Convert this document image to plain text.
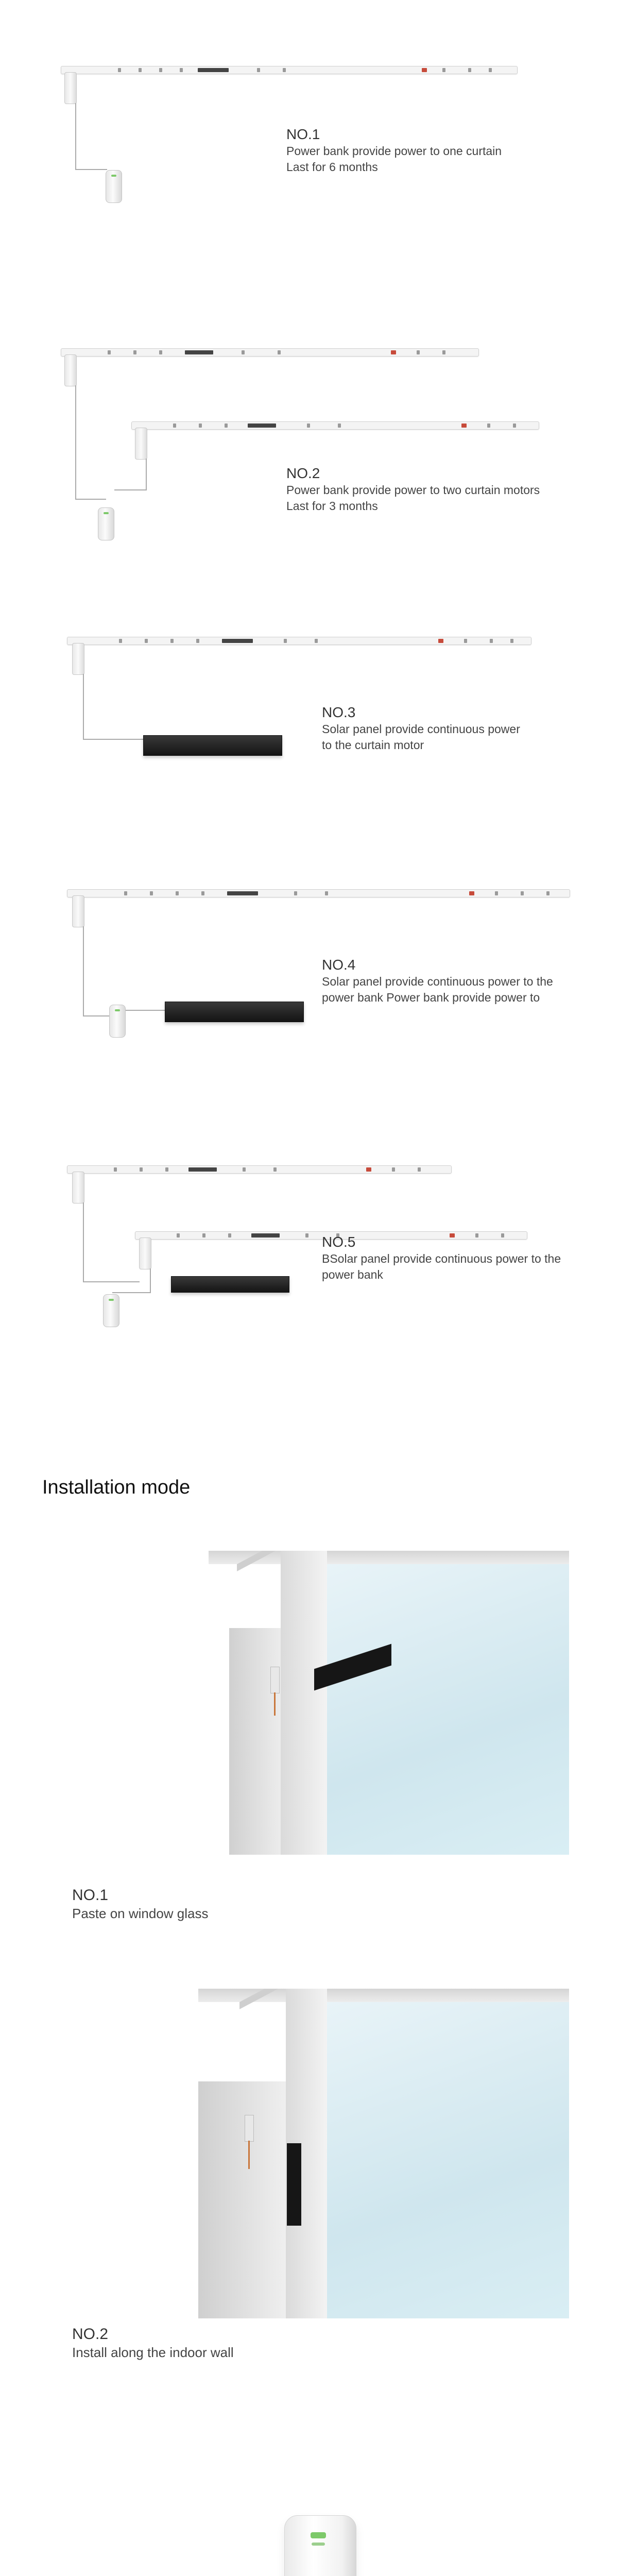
NO.1
Power bank provide power to one curtain
Last for 6 months
NO.2
Power bank provide power to two curtain motors
Last for 3 months
NO.3
Solar panel provide continuous power
to the curtain motor
NO.4
Solar panel provide continuous power to the
power bank Power bank provide power to
NO.5
BSolar panel provide continuous power to the
power bank
Installation mode
NO.1
Paste on window glass
NO.2
Install along the indoor wall
